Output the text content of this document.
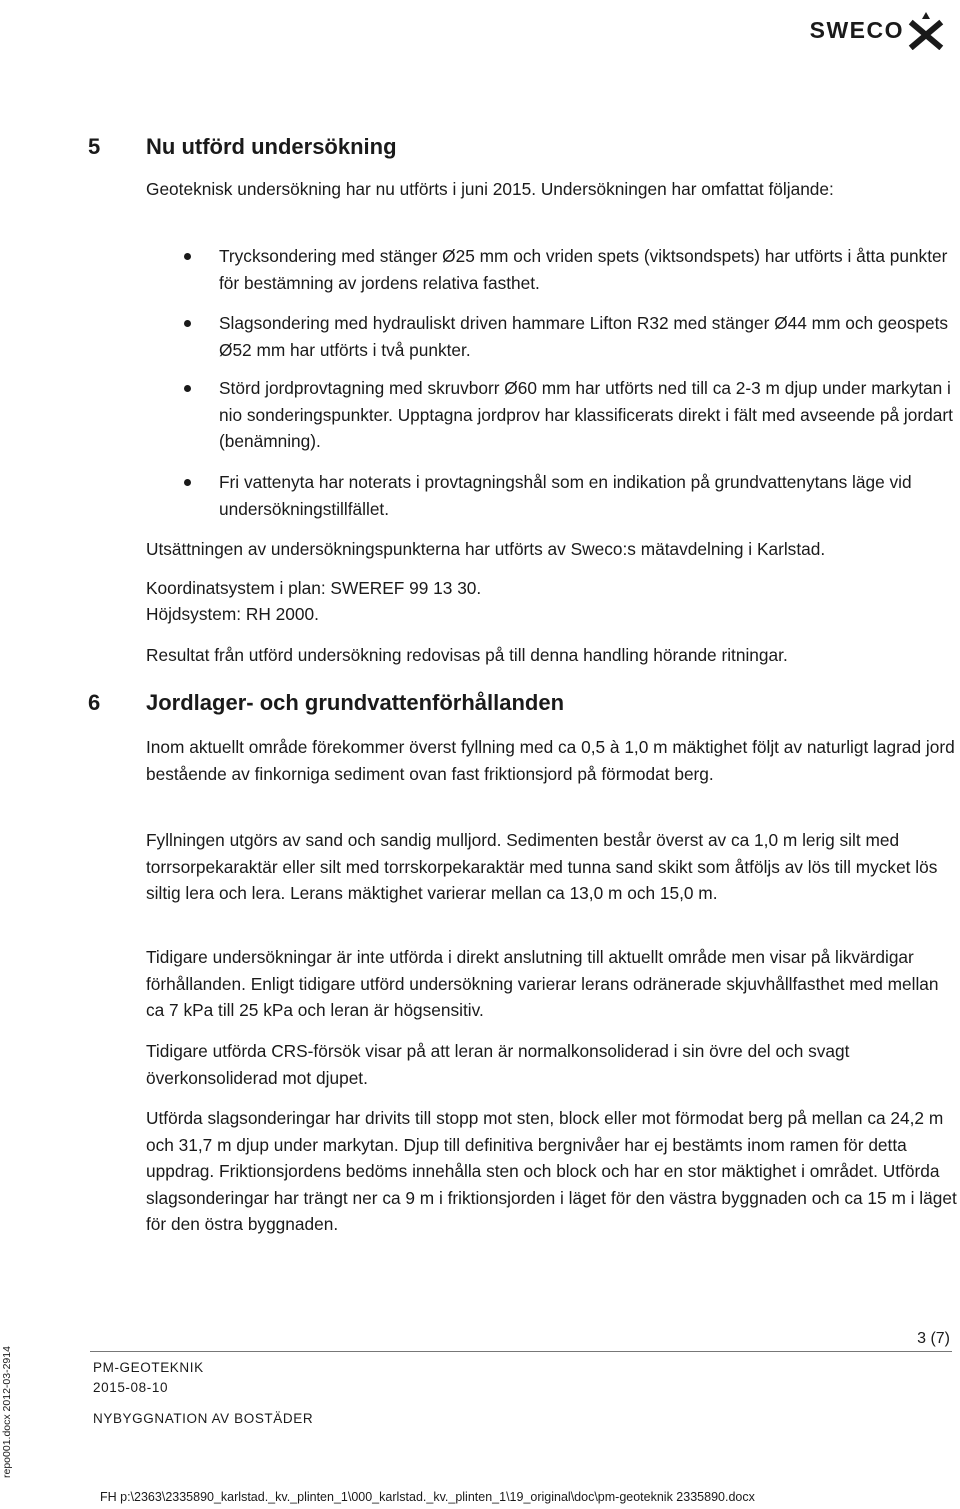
SWECO
5	Nu utförd undersökning

Geoteknisk undersökning har nu utförts i juni 2015. Undersökningen har omfattat följande:

Trycksondering med stänger Ø25 mm och vriden spets (viktsondspets) har utförts i åtta punkter för bestämning av jordens relativa fasthet.
Slagsondering med hydrauliskt driven hammare Lifton R32 med stänger Ø44 mm och geospets Ø52 mm har utförts i två punkter.
Störd jordprovtagning med skruvborr Ø60 mm har utförts ned till ca 2-3 m djup under markytan i nio sonderingspunkter. Upptagna jordprov har klassificerats direkt i fält med avseende på jordart (benämning).
Fri vattenyta har noterats i provtagningshål som en indikation på grundvattenytans läge vid undersökningstillfället.

Utsättningen av undersökningspunkterna har utförts av Sweco:s mätavdelning i Karlstad.

Koordinatsystem i plan: SWEREF 99 13 30.

Höjdsystem: RH 2000.

Resultat från utförd undersökning redovisas på till denna handling hörande ritningar.

6	Jordlager- och grundvattenförhållanden

Inom aktuellt område förekommer överst fyllning med ca 0,5 à 1,0 m mäktighet följt av naturligt lagrad jord bestående av finkorniga sediment ovan fast friktionsjord på förmodat berg.

Fyllningen utgörs av sand och sandig mulljord. Sedimenten består överst av ca 1,0 m lerig silt med torrsorpekaraktär eller silt med torrskorpekaraktär med tunna sand skikt som åtföljs av lös till mycket lös siltig lera och lera. Lerans mäktighet varierar mellan ca 13,0 m och 15,0 m.

Tidigare undersökningar är inte utförda i direkt anslutning till aktuellt område men visar på likvärdigar förhållanden. Enligt tidigare utförd undersökning varierar lerans odränerade skjuvhållfasthet med mellan ca 7 kPa till 25 kPa och leran är högsensitiv.

Tidigare utförda CRS-försök visar på att leran är normalkonsoliderad i sin övre del och svagt överkonsoliderad mot djupet.

Utförda slagsonderingar har drivits till stopp mot sten, block eller mot förmodat berg på mellan ca 24,2 m och 31,7 m djup under markytan. Djup till definitiva bergnivåer har ej bestämts inom ramen för detta uppdrag. Friktionsjordens bedöms innehålla sten och block och har en stor mäktighet i området. Utförda slagsonderingar har trängt ner ca 9 m i friktionsjorden i läget för den västra byggnaden och ca 15 m i läget för den östra byggnaden.

3 (7)
PM-GEOTEKNIK
2015-08-10
NYBYGGNATION AV BOSTÄDER
FH p:\2363\2335890_karlstad._kv._plinten_1\000_karlstad._kv._plinten_1\19_original\doc\pm-geoteknik 2335890.docx
repo001.docx 2012-03-2914
